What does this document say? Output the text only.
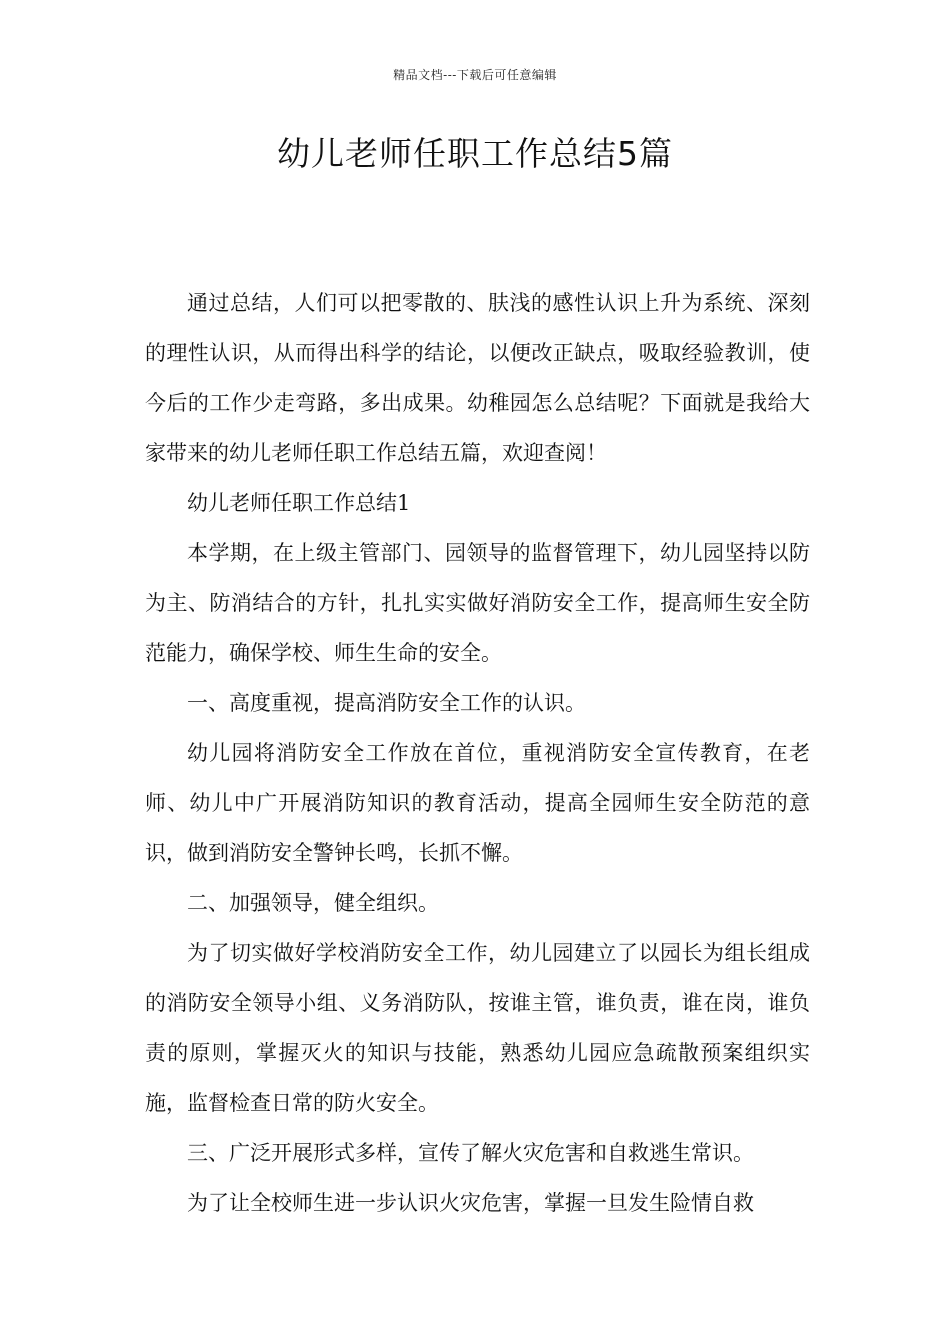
精品文档---下载后可任意编辑
幼儿老师任职工作总结5篇

通过总结，人们可以把零散的、肤浅的感性认识上升为系统、深刻的理性认识，从而得出科学的结论，以便改正缺点，吸取经验教训，使今后的工作少走弯路，多出成果。幼稚园怎么总结呢？下面就是我给大家带来的幼儿老师任职工作总结五篇，欢迎查阅！

幼儿老师任职工作总结1

本学期，在上级主管部门、园领导的监督管理下，幼儿园坚持以防为主、防消结合的方针，扎扎实实做好消防安全工作，提高师生安全防范能力，确保学校、师生生命的安全。

一、高度重视，提高消防安全工作的认识。

幼儿园将消防安全工作放在首位，重视消防安全宣传教育，在老师、幼儿中广开展消防知识的教育活动，提高全园师生安全防范的意识，做到消防安全警钟长鸣，长抓不懈。

二、加强领导，健全组织。

为了切实做好学校消防安全工作，幼儿园建立了以园长为组长组成的消防安全领导小组、义务消防队，按谁主管，谁负责，谁在岗，谁负责的原则，掌握灭火的知识与技能，熟悉幼儿园应急疏散预案组织实施，监督检查日常的防火安全。

三、广泛开展形式多样，宣传了解火灾危害和自救逃生常识。

为了让全校师生进一步认识火灾危害，掌握一旦发生险情自救
